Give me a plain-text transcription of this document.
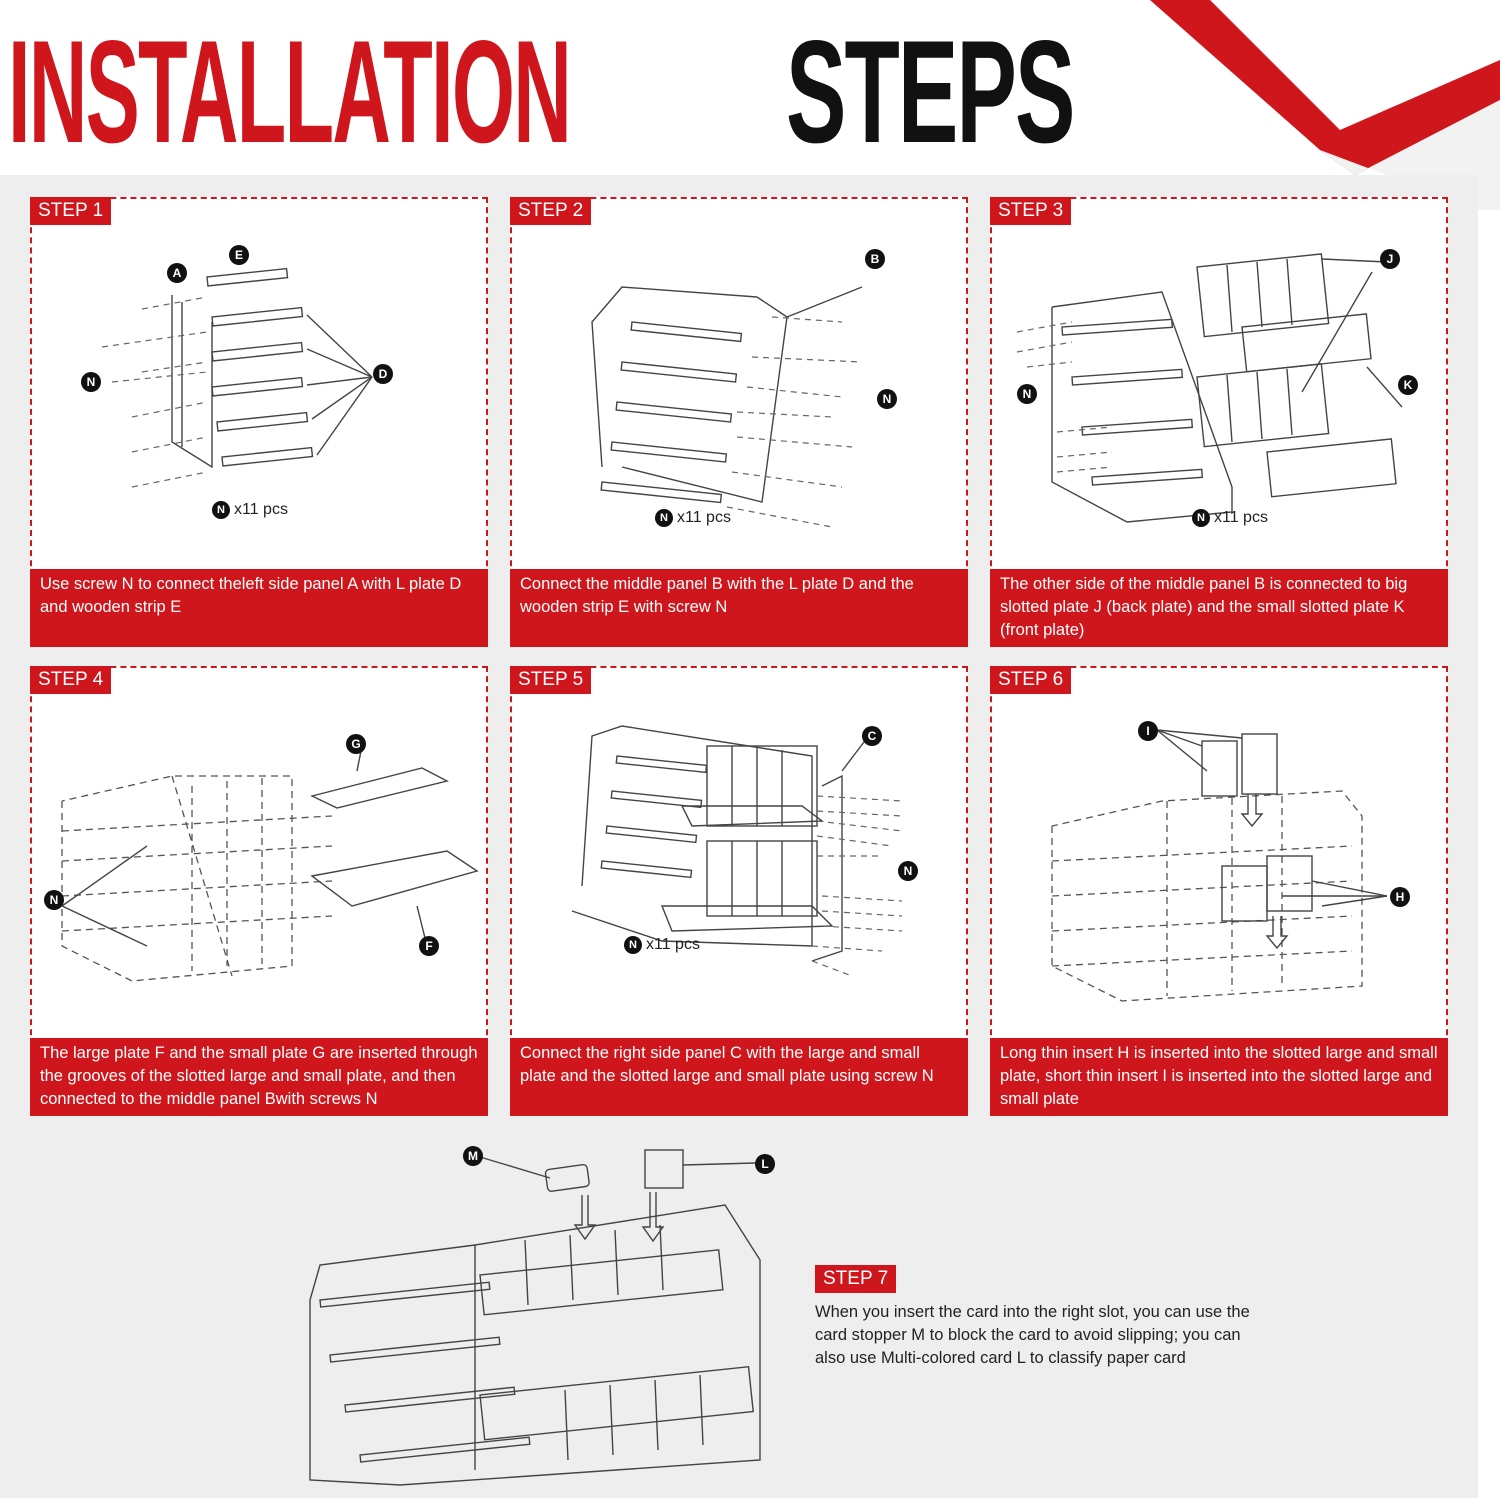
INSTALLATION STEPS
STEP 1
A
E
D
N
N x11 pcs
Use screw N to connect theleft side panel A with L plate D and wooden strip E
STEP 2
B
N
N x11 pcs
Connect the middle panel B with the L plate D and the wooden strip E with screw N
STEP 3
J
K
N
N x11 pcs
The other side of the middle panel B is connected to big slotted plate J (back plate) and the small slotted plate K (front plate)
STEP 4
G
N
F
The large plate F and the small plate G are inserted through the grooves of the slotted large and small plate, and then connected to the middle panel Bwith screws N
STEP 5
C
N
N x11 pcs
Connect the right side panel C with the large and small plate and the slotted large and small plate using screw N
STEP 6
I
H
Long thin insert H is inserted into the slotted large and small plate, short thin insert I is inserted into the slotted large and small plate
M
L
STEP 7

When you insert the card into the right slot, you can use the card stopper M to block the card to avoid slipping; you can also use Multi-colored card L to classify paper card
